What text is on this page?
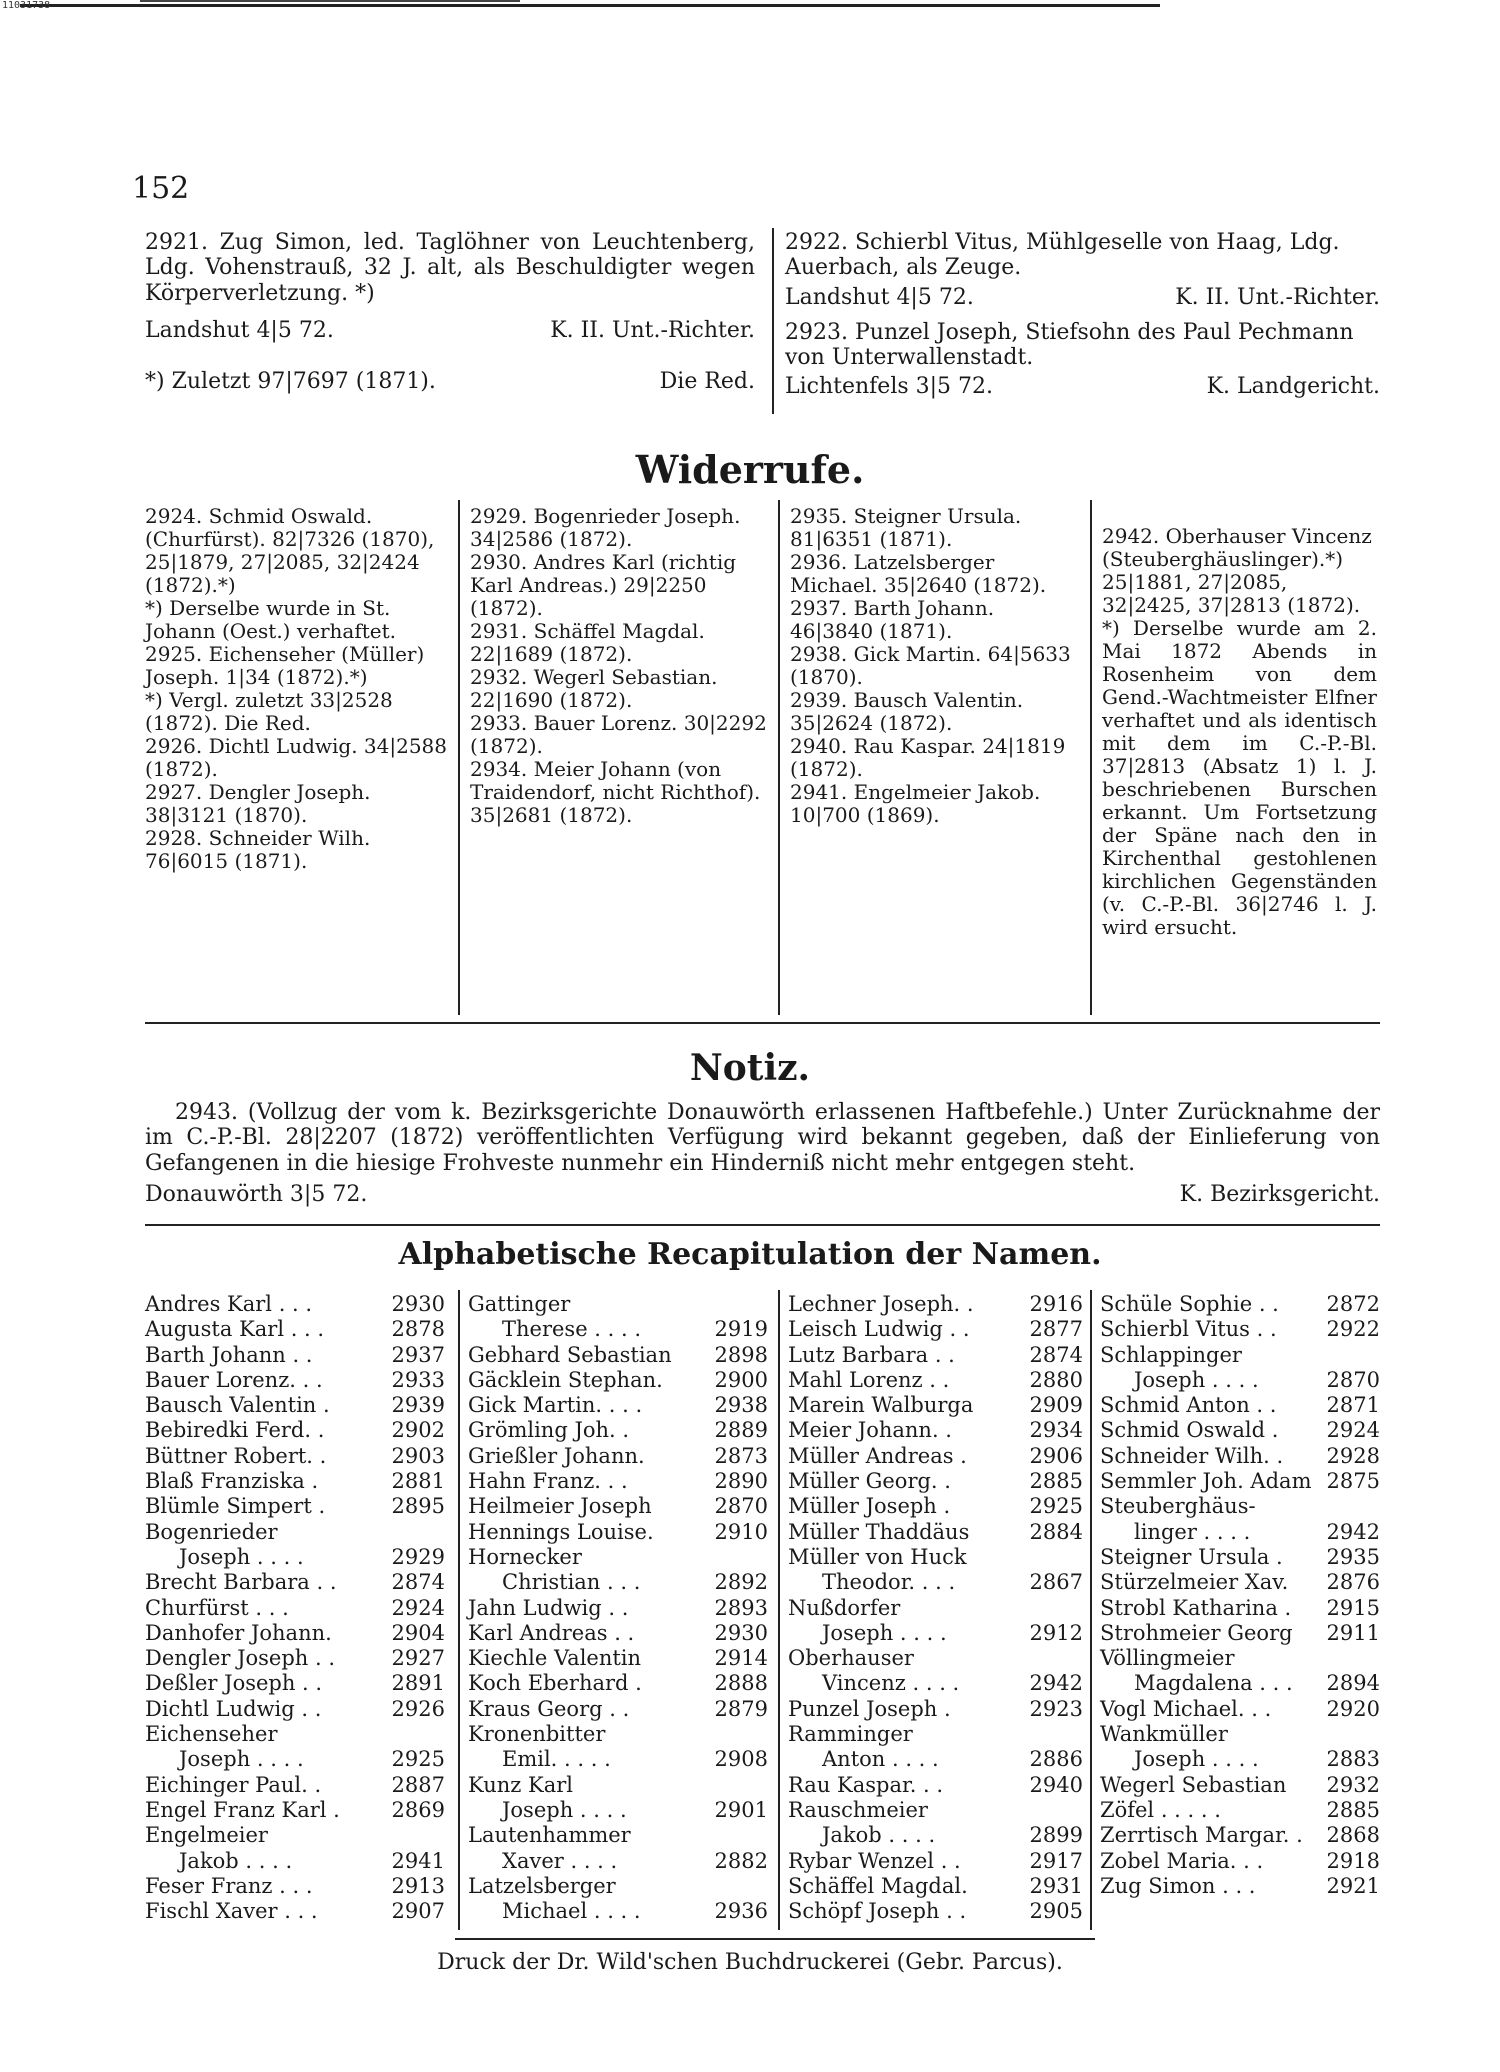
11031738
152

2921. Zug Simon, led. Taglöhner von Leuchtenberg, Ldg. Vohenstrauß, 32 J. alt, als Beschuldigter wegen Körperverletzung. *)

Landshut 4|5 72.	K. II. Unt.-Richter.
*) Zuletzt 97|7697 (1871).	Die Red.

2922. Schierbl Vitus, Mühlgeselle von Haag, Ldg. Auerbach, als Zeuge.

Landshut 4|5 72.	K. II. Unt.-Richter.

2923. Punzel Joseph, Stiefsohn des Paul Pechmann von Unterwallenstadt.

Lichtenfels 3|5 72.	K. Landgericht.
Widerrufe.

2924. Schmid Oswald. (Churfürst). 82|7326 (1870), 25|1879, 27|2085, 32|2424 (1872).*)

*) Derselbe wurde in St. Johann (Oest.) verhaftet.

2925. Eichenseher (Müller) Joseph. 1|34 (1872).*)

*) Vergl. zuletzt 33|2528 (1872). Die Red.

2926. Dichtl Ludwig. 34|2588 (1872).

2927. Dengler Joseph. 38|3121 (1870).

2928. Schneider Wilh. 76|6015 (1871).

2929. Bogenrieder Joseph. 34|2586 (1872).

2930. Andres Karl (richtig Karl Andreas.) 29|2250 (1872).

2931. Schäffel Magdal. 22|1689 (1872).

2932. Wegerl Sebastian. 22|1690 (1872).

2933. Bauer Lorenz. 30|2292 (1872).

2934. Meier Johann (von Traidendorf, nicht Richthof). 35|2681 (1872).

2935. Steigner Ursula. 81|6351 (1871).

2936. Latzelsberger Michael. 35|2640 (1872).

2937. Barth Johann. 46|3840 (1871).

2938. Gick Martin. 64|5633 (1870).

2939. Bausch Valentin. 35|2624 (1872).

2940. Rau Kaspar. 24|1819 (1872).

2941. Engelmeier Jakob. 10|700 (1869).

2942. Oberhauser Vincenz (Steuberghäuslinger).*) 25|1881, 27|2085, 32|2425, 37|2813 (1872).

*) Derselbe wurde am 2. Mai 1872 Abends in Rosenheim von dem Gend.-Wachtmeister Elfner verhaftet und als identisch mit dem im C.-P.-Bl. 37|2813 (Absatz 1) l. J. beschriebenen Burschen erkannt. Um Fortsetzung der Späne nach den in Kirchenthal gestohlenen kirchlichen Gegenständen (v. C.-P.-Bl. 36|2746 l. J. wird ersucht.

Notiz.

2943. (Vollzug der vom k. Bezirksgerichte Donauwörth erlassenen Haftbefehle.) Unter Zurücknahme der im C.-P.-Bl. 28|2207 (1872) veröffentlichten Verfügung wird bekannt gegeben, daß der Einlieferung von Gefangenen in die hiesige Frohveste nunmehr ein Hinderniß nicht mehr entgegen steht.

Donauwörth 3|5 72.	K. Bezirksgericht.
Alphabetische Recapitulation der Namen.
Andres Karl . . .	2930
Augusta Karl . . .	2878
Barth Johann . .	2937
Bauer Lorenz. . .	2933
Bausch Valentin .	2939
Bebiredki Ferd. .	2902
Büttner Robert. .	2903
Blaß Franziska .	2881
Blümle Simpert .	2895
Bogenrieder
Joseph . . . .	2929
Brecht Barbara . .	2874
Churfürst . . .	2924
Danhofer Johann.	2904
Dengler Joseph . .	2927
Deßler Joseph . .	2891
Dichtl Ludwig . .	2926
Eichenseher
Joseph . . . .	2925
Eichinger Paul. .	2887
Engel Franz Karl . 2869
Engelmeier
Jakob . . . .	2941
Feser Franz . . .	2913
Fischl Xaver . . .	2907
Gattinger
Therese . . . .	2919
Gebhard Sebastian 2898
Gäcklein Stephan. 2900
Gick Martin. . . .	2938
Grömling Joh. .	2889
Grießler Johann.	2873
Hahn Franz. . .	2890
Heilmeier Joseph	2870
Hennings Louise.	2910
Hornecker
Christian . . .	2892
Jahn Ludwig . .	2893
Karl Andreas . .	2930
Kiechle Valentin	2914
Koch Eberhard .	2888
Kraus Georg . .	2879
Kronenbitter
Emil. . . . .	2908
Kunz Karl
Joseph . . . .	2901
Lautenhammer
Xaver . . . .	2882
Latzelsberger
Michael . . . .	2936
Lechner Joseph. .	2916
Leisch Ludwig . .	2877
Lutz Barbara . .	2874
Mahl Lorenz . .	2880
Marein Walburga	2909
Meier Johann. .	2934
Müller Andreas .	2906
Müller Georg. .	2885
Müller Joseph .	2925
Müller Thaddäus	2884
Müller von Huck
Theodor. . . .	2867
Nußdorfer
Joseph . . . .	2912
Oberhauser
Vincenz . . . .	2942
Punzel Joseph .	2923
Ramminger
Anton . . . .	2886
Rau Kaspar. . .	2940
Rauschmeier
Jakob . . . .	2899
Rybar Wenzel . .	2917
Schäffel Magdal.	2931
Schöpf Joseph . .	2905
Schüle Sophie . . 2872
Schierbl Vitus . . 2922
Schlappinger
Joseph . . . .	2870
Schmid Anton . . 2871
Schmid Oswald . 2924
Schneider Wilh. . 2928
Semmler Joh. Adam 2875
Steuberghäus-
linger . . . .	2942
Steigner Ursula . 2935
Stürzelmeier Xav. 2876
Strobl Katharina . 2915
Strohmeier Georg 2911
Völlingmeier
Magdalena . . . 2894
Vogl Michael. . .	2920
Wankmüller
Joseph . . . .	2883
Wegerl Sebastian 2932
Zöfel . . . . .	2885
Zerrtisch Margar. . 2868
Zobel Maria. . .	2918
Zug Simon . . .	2921
Druck der Dr. Wild'schen Buchdruckerei (Gebr. Parcus).
